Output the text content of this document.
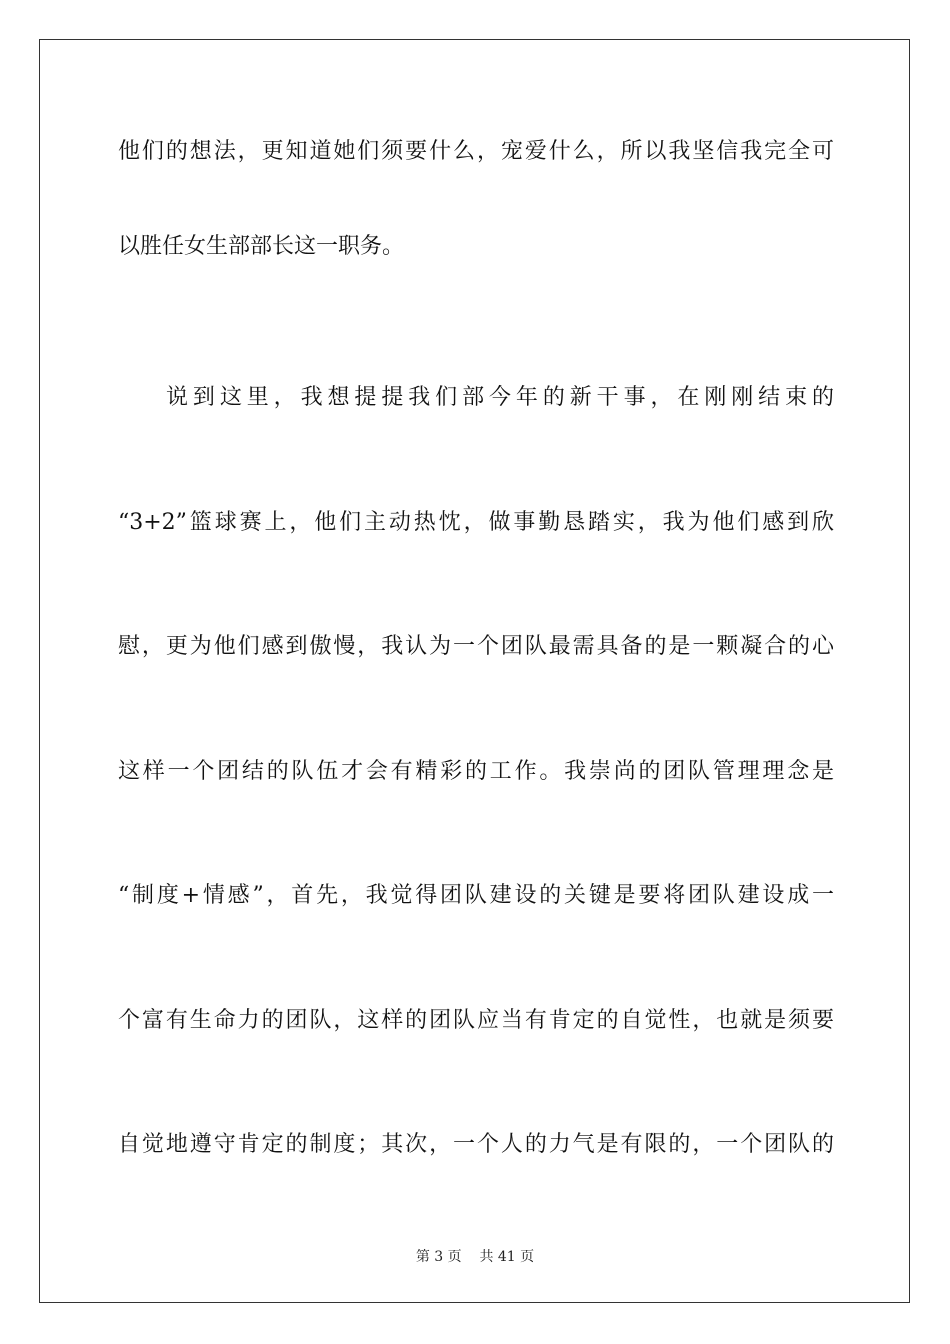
他们的想法，更知道她们须要什么，宠爱什么，所以我坚信我完全可
以胜任女生部部长这一职务。
说到这里，我想提提我们部今年的新干事，在刚刚结束的
“3+2”篮球赛上，他们主动热忱，做事勤恳踏实，我为他们感到欣
慰，更为他们感到傲慢，我认为一个团队最需具备的是一颗凝合的心
这样一个团结的队伍才会有精彩的工作。我崇尚的团队管理理念是
“制度+情感”，首先，我觉得团队建设的关键是要将团队建设成一
个富有生命力的团队，这样的团队应当有肯定的自觉性，也就是须要
自觉地遵守肯定的制度；其次，一个人的力气是有限的，一个团队的
第 3 页 共 41 页
